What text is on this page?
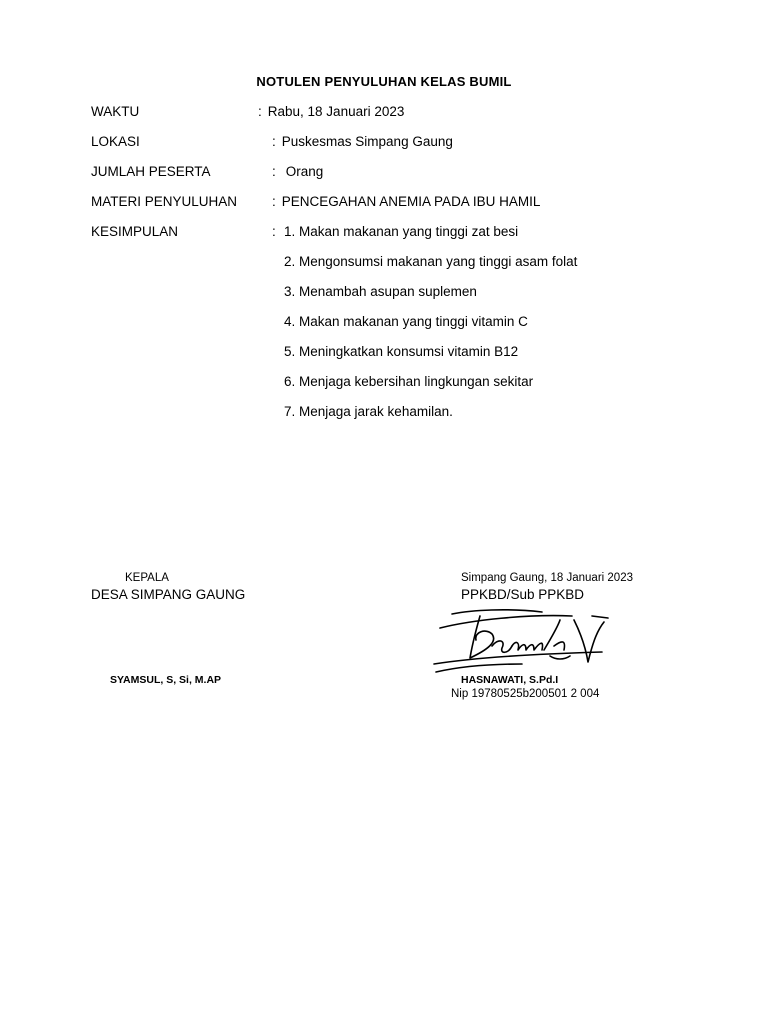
NOTULEN PENYULUHAN KELAS BUMIL
WAKTU	: Rabu, 18 Januari 2023
LOKASI	: Puskesmas Simpang Gaung
JUMLAH PESERTA	: Orang
MATERI PENYULUHAN	: PENCEGAHAN ANEMIA PADA IBU HAMIL
KESIMPULAN	: 1. Makan makanan yang tinggi zat besi
2. Mengonsumsi makanan yang tinggi asam folat
3. Menambah asupan suplemen
4. Makan makanan yang tinggi vitamin C
5. Meningkatkan konsumsi vitamin B12
6. Menjaga kebersihan lingkungan sekitar
7. Menjaga jarak kehamilan.
KEPALA
DESA SIMPANG GAUNG
SYAMSUL, S, Si, M.AP
Simpang Gaung, 18 Januari 2023
PPKBD/Sub PPKBD
HASNAWATI, S.Pd.I
Nip 19780525b200501 2 004
